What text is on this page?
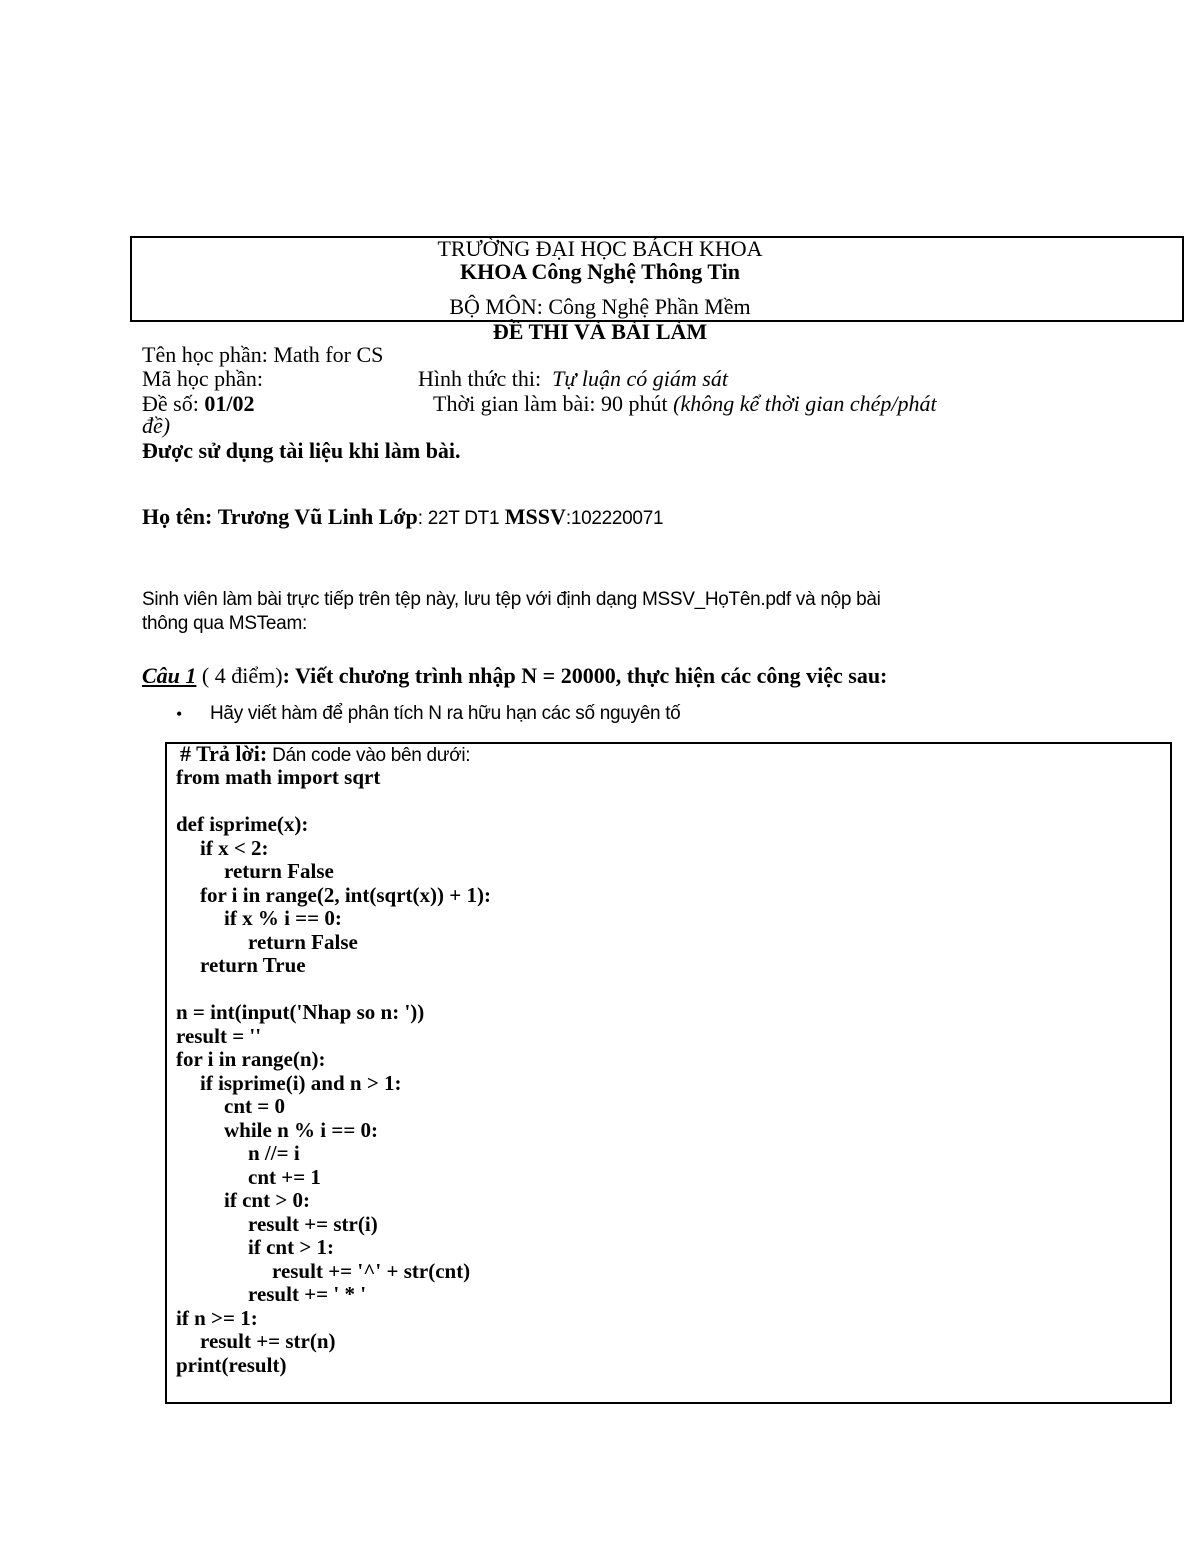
TRƯỜNG ĐẠI HỌC BÁCH KHOA
KHOA Công Nghệ Thông Tin
BỘ MÔN: Công Nghệ Phần Mềm
ĐỀ THI VÀ BÀI LÀM
Tên học phần: Math for CS
Mã học phần:	Hình thức thi: Tự luận có giám sát
Đề số: 01/02	Thời gian làm bài: 90 phút (không kể thời gian chép/phát
đề)
Được sử dụng tài liệu khi làm bài.
Họ tên: Trương Vũ Linh Lớp: 22T DT1 MSSV:102220071
Sinh viên làm bài trực tiếp trên tệp này, lưu tệp với định dạng MSSV_HọTên.pdf và nộp bài
thông qua MSTeam:
Câu 1 ( 4 điểm): Viết chương trình nhập N = 20000, thực hiện các công việc sau:
• Hãy viết hàm để phân tích N ra hữu hạn các số nguyên tố
# Trả lời: Dán code vào bên dưới:
from math import sqrt

def isprime(x):
if x < 2:
return False
for i in range(2, int(sqrt(x)) + 1):
if x % i == 0:
return False
return True

n = int(input('Nhap so n: '))
result = ''
for i in range(n):
if isprime(i) and n > 1:
cnt = 0
while n % i == 0:
n //= i
cnt += 1
if cnt > 0:
result += str(i)
if cnt > 1:
result += '^' + str(cnt)
result += ' * '
if n >= 1:
result += str(n)
print(result)
